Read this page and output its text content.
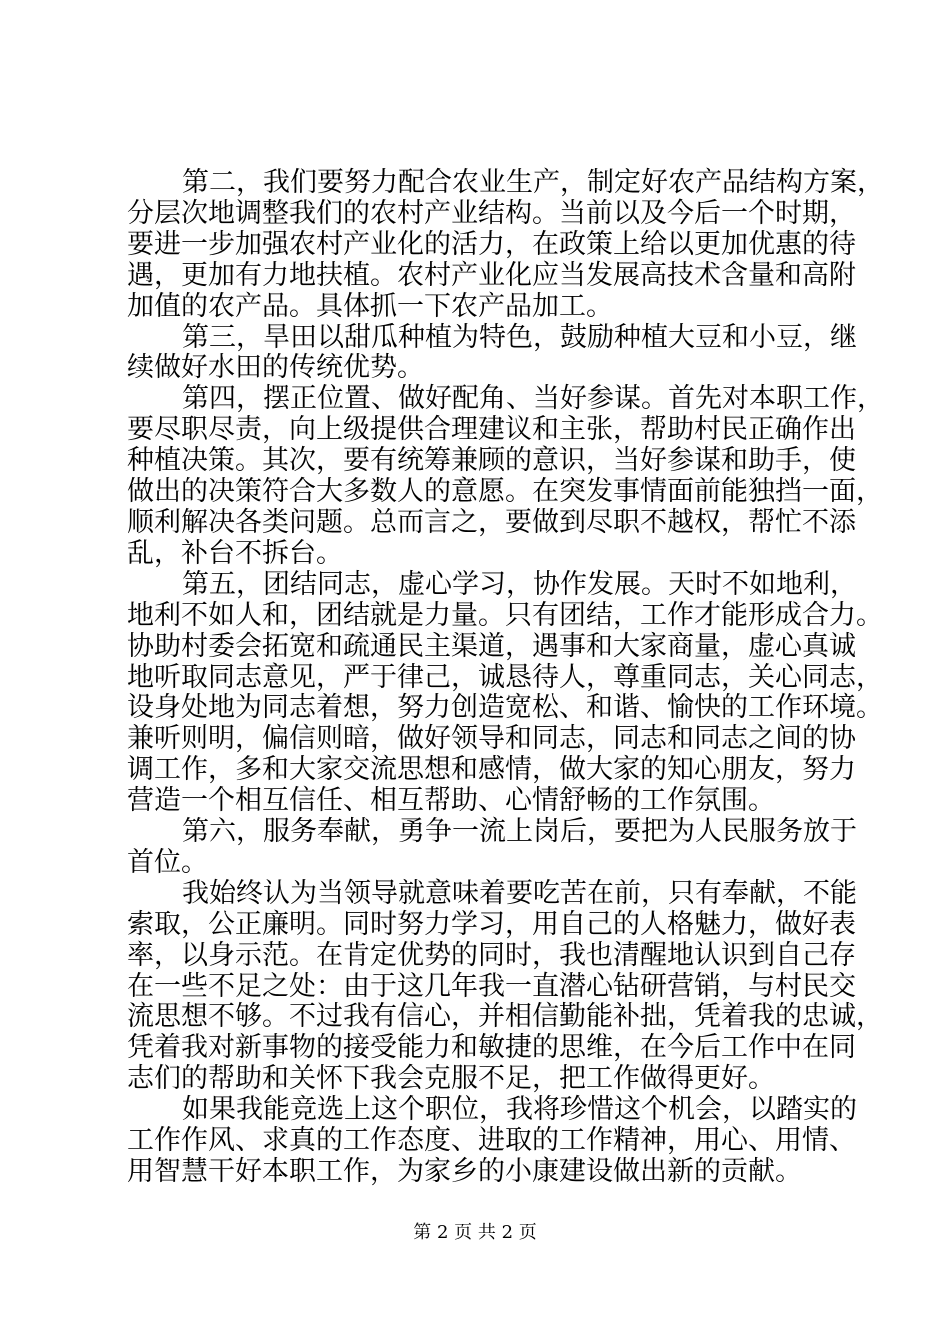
第二，我们要努力配合农业生产，制定好农产品结构方案，
分层次地调整我们的农村产业结构。当前以及今后一个时期，
要进一步加强农村产业化的活力，在政策上给以更加优惠的待
遇，更加有力地扶植。农村产业化应当发展高技术含量和高附
加值的农产品。具体抓一下农产品加工。
第三，旱田以甜瓜种植为特色，鼓励种植大豆和小豆，继
续做好水田的传统优势。
第四，摆正位置、做好配角、当好参谋。首先对本职工作，
要尽职尽责，向上级提供合理建议和主张，帮助村民正确作出
种植决策。其次，要有统筹兼顾的意识，当好参谋和助手，使
做出的决策符合大多数人的意愿。在突发事情面前能独挡一面，
顺利解决各类问题。总而言之，要做到尽职不越权，帮忙不添
乱，补台不拆台。
第五，团结同志，虚心学习，协作发展。天时不如地利，
地利不如人和，团结就是力量。只有团结，工作才能形成合力。
协助村委会拓宽和疏通民主渠道，遇事和大家商量，虚心真诚
地听取同志意见，严于律己，诚恳待人，尊重同志，关心同志，
设身处地为同志着想，努力创造宽松、和谐、愉快的工作环境。
兼听则明，偏信则暗，做好领导和同志，同志和同志之间的协
调工作，多和大家交流思想和感情，做大家的知心朋友，努力
营造一个相互信任、相互帮助、心情舒畅的工作氛围。
第六，服务奉献，勇争一流上岗后，要把为人民服务放于
首位。
我始终认为当领导就意味着要吃苦在前，只有奉献，不能
索取，公正廉明。同时努力学习，用自己的人格魅力，做好表
率，以身示范。在肯定优势的同时，我也清醒地认识到自己存
在一些不足之处：由于这几年我一直潜心钻研营销，与村民交
流思想不够。不过我有信心，并相信勤能补拙，凭着我的忠诚，
凭着我对新事物的接受能力和敏捷的思维，在今后工作中在同
志们的帮助和关怀下我会克服不足，把工作做得更好。
如果我能竞选上这个职位，我将珍惜这个机会，以踏实的
工作作风、求真的工作态度、进取的工作精神，用心、用情、
用智慧干好本职工作，为家乡的小康建设做出新的贡献。
第 2 页 共 2 页
